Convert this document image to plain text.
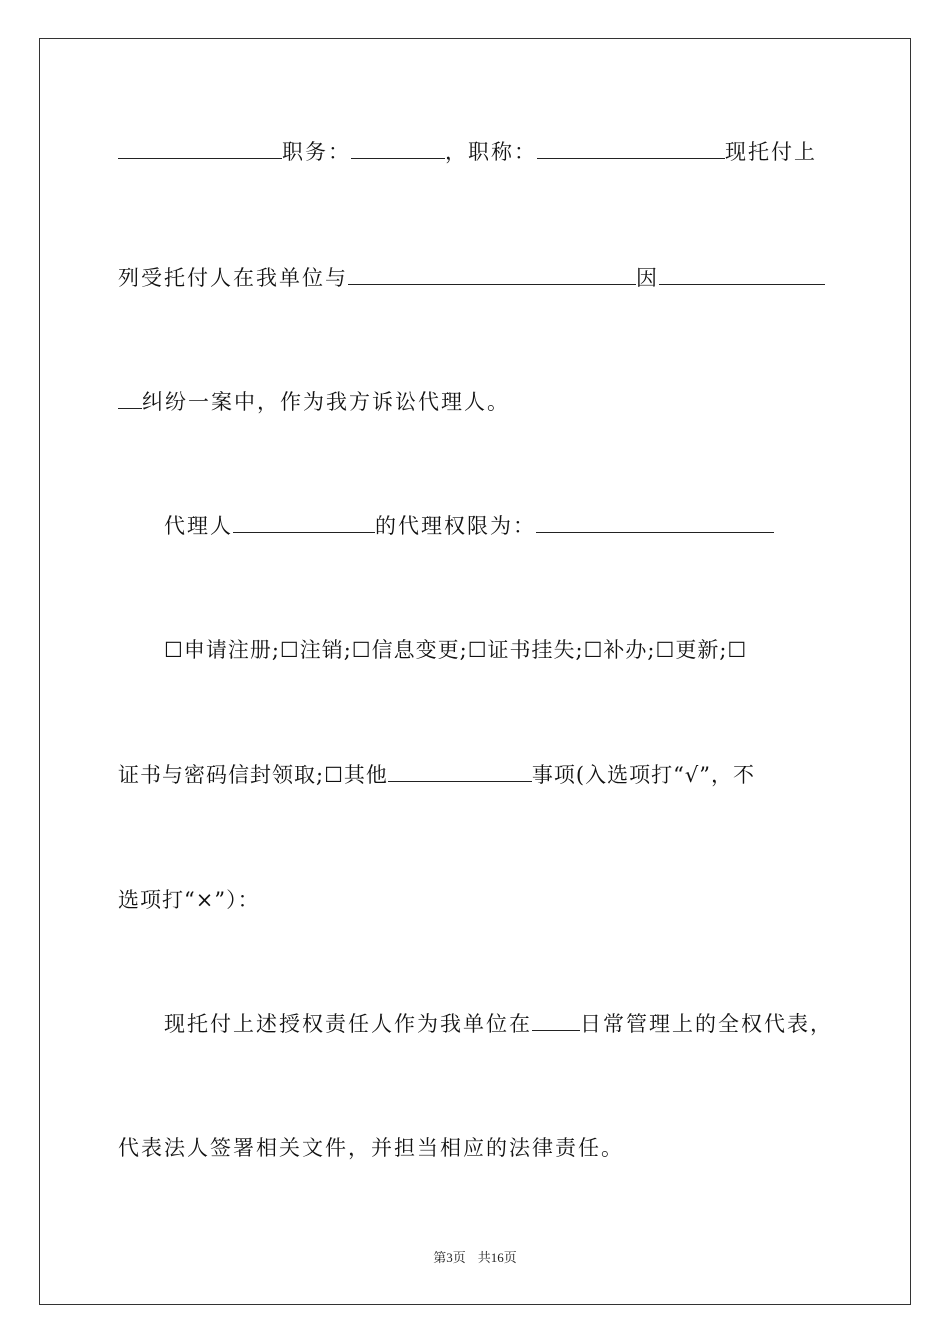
职务：	，职称：	现托付上
列受托付人在我单位与	因
纠纷一案中，作为我方诉讼代理人。
代理人	的代理权限为：
☐申请注册;☐注销;☐信息变更;☐证书挂失;☐补办;☐更新;☐
证书与密码信封领取;☐其他	事项(入选项打“√”，不
选项打“×”）：
现托付上述授权责任人作为我单位在 日常管理上的全权代表，
代表法人签署相关文件，并担当相应的法律责任。
第3页 共16页
